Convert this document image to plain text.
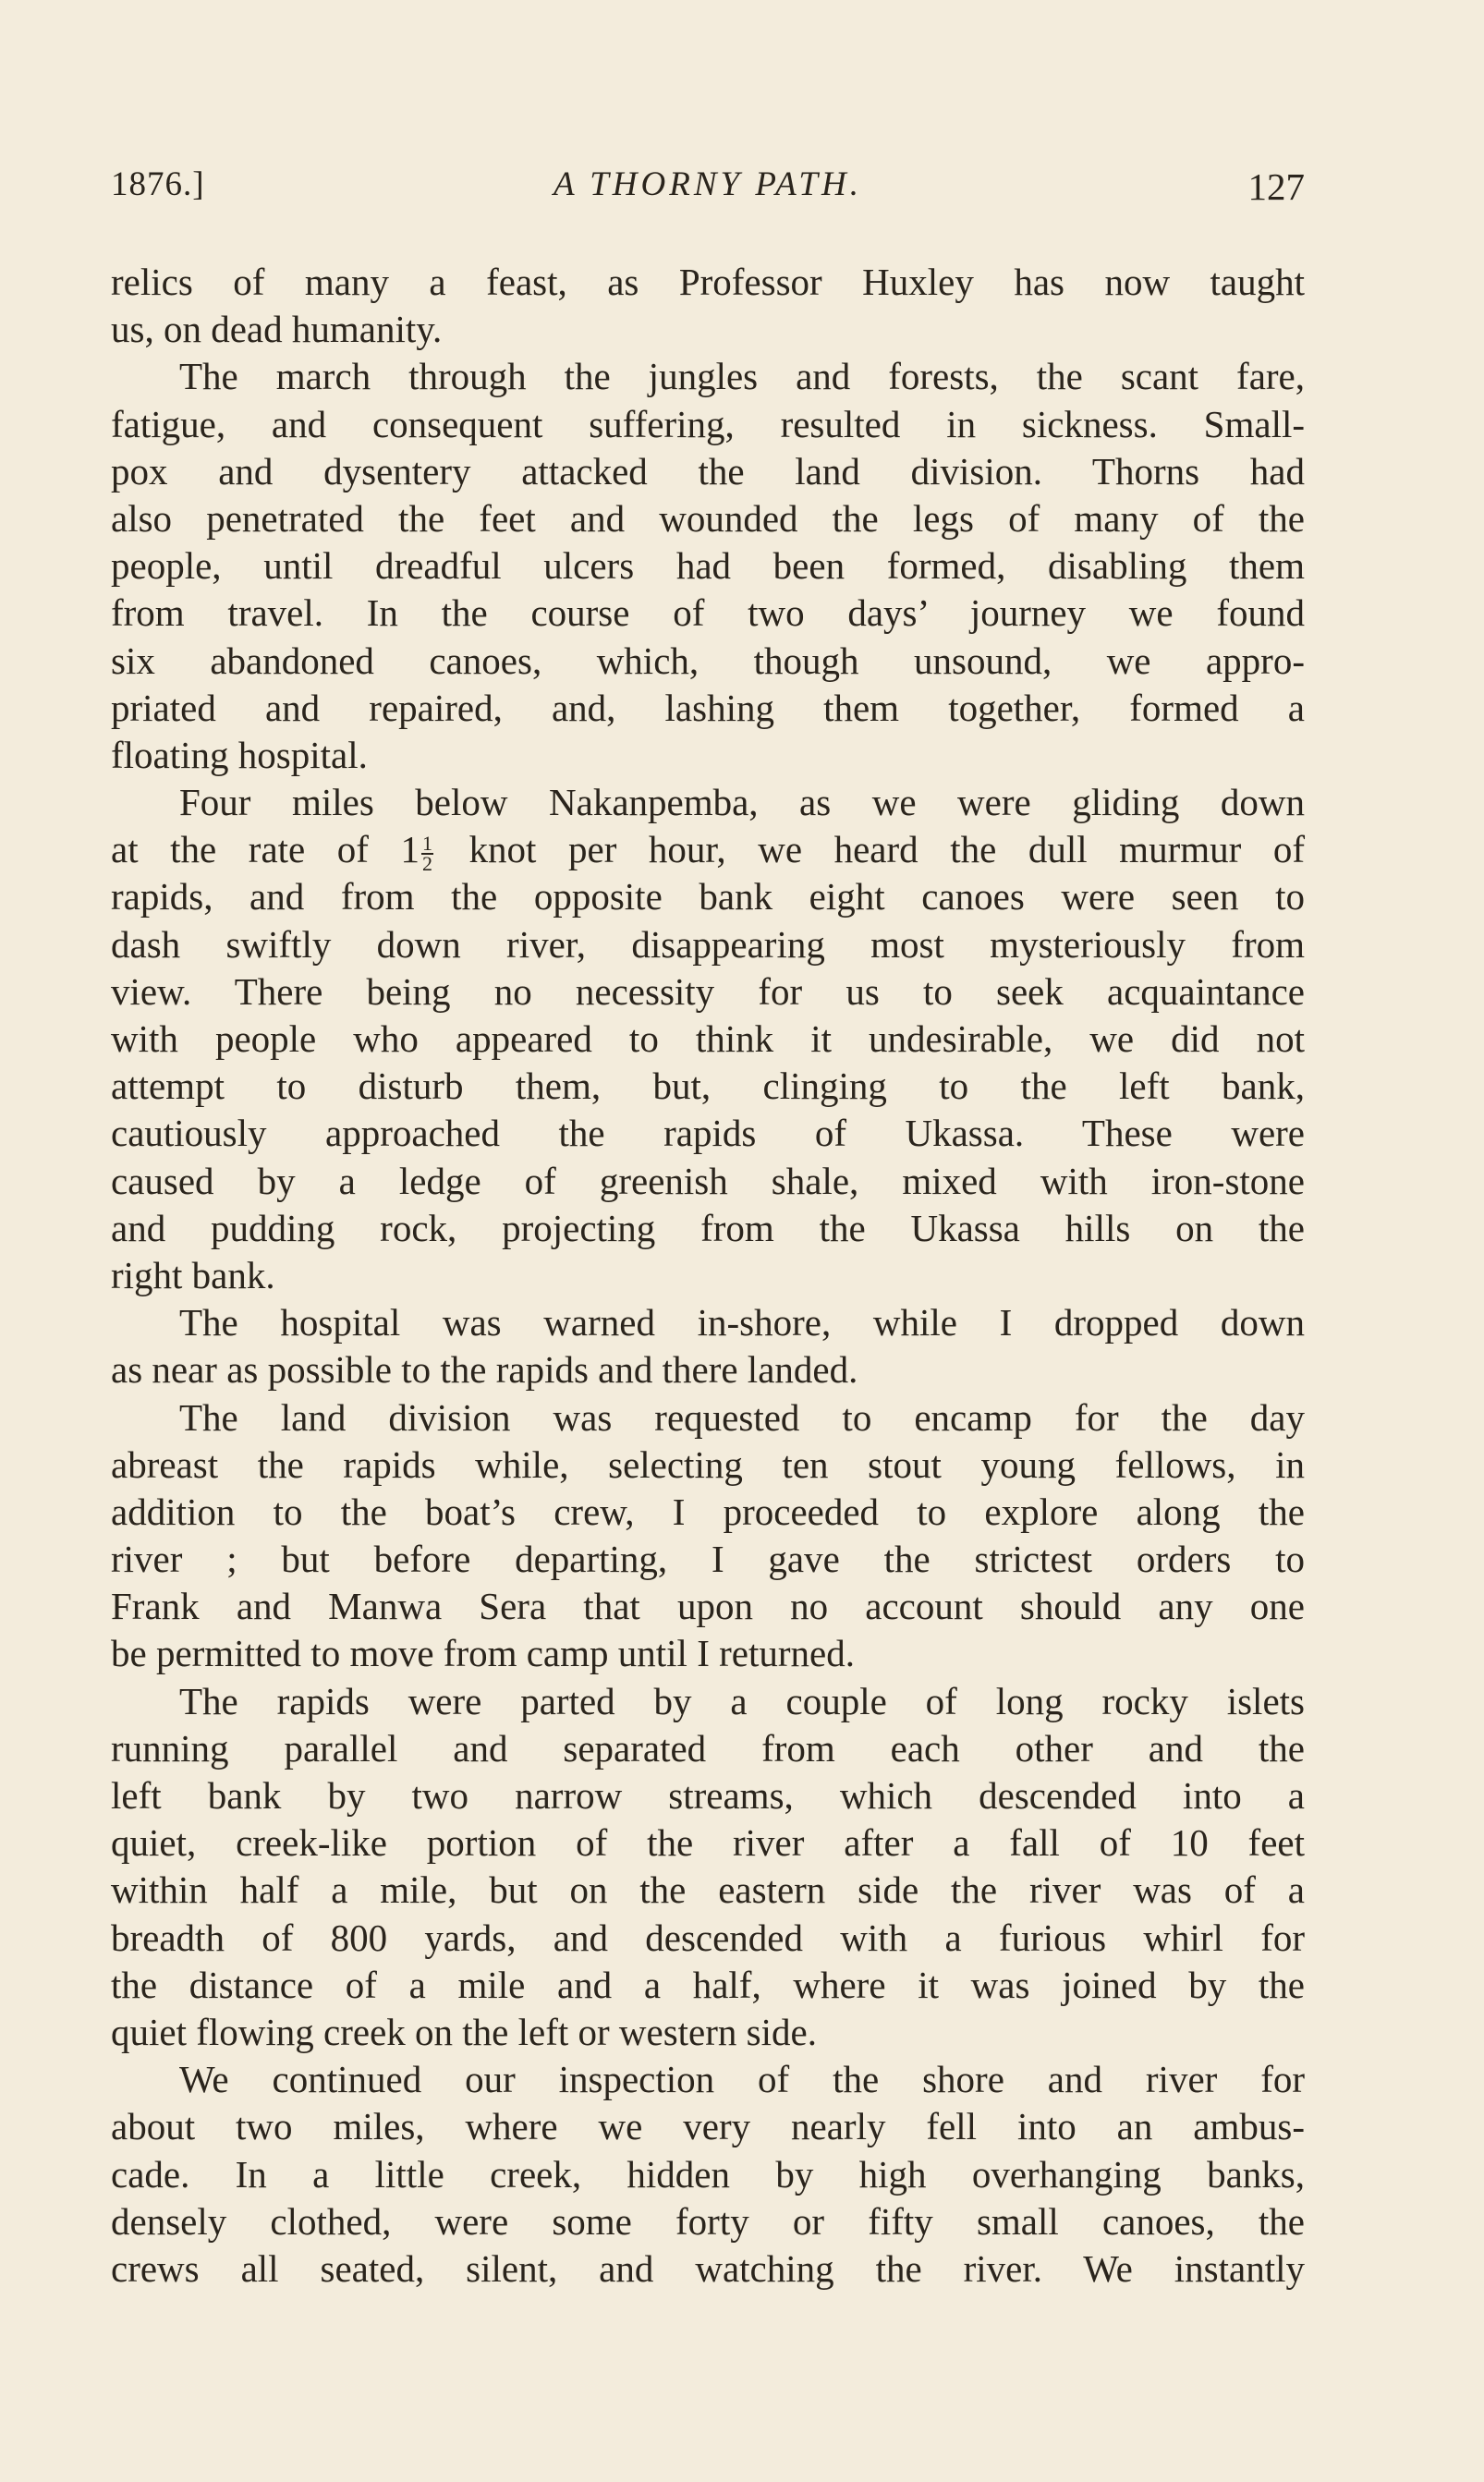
1876.]	A THORNY PATH.	127
relics of many a feast, as Professor Huxley has now taught
us, on dead humanity.
The march through the jungles and forests, the scant fare,
fatigue, and consequent suffering, resulted in sickness. Small-
pox and dysentery attacked the land division. Thorns had
also penetrated the feet and wounded the legs of many of the
people, until dreadful ulcers had been formed, disabling them
from travel. In the course of two days’ journey we found
six abandoned canoes, which, though unsound, we appro-
priated and repaired, and, lashing them together, formed a
floating hospital.
Four miles below Nakanpemba, as we were gliding down
at the rate of $1 \frac{1}{2}$ knot per hour, we heard the dull murmur of
rapids, and from the opposite bank eight canoes were seen to
dash swiftly down river, disappearing most mysteriously from
view. There being no necessity for us to seek acquaintance
with people who appeared to think it undesirable, we did not
attempt to disturb them, but, clinging to the left bank,
cautiously approached the rapids of Ukassa. These were
caused by a ledge of greenish shale, mixed with iron-stone
and pudding rock, projecting from the Ukassa hills on the
right bank.
The hospital was warned in-shore, while I dropped down
as near as possible to the rapids and there landed.
The land division was requested to encamp for the day
abreast the rapids while, selecting ten stout young fellows, in
addition to the boat’s crew, I proceeded to explore along the
river ; but before departing, I gave the strictest orders to
Frank and Manwa Sera that upon no account should any one
be permitted to move from camp until I returned.
The rapids were parted by a couple of long rocky islets
running parallel and separated from each other and the
left bank by two narrow streams, which descended into a
quiet, creek-like portion of the river after a fall of 10 feet
within half a mile, but on the eastern side the river was of a
breadth of 800 yards, and descended with a furious whirl for
the distance of a mile and a half, where it was joined by the
quiet flowing creek on the left or western side.
We continued our inspection of the shore and river for
about two miles, where we very nearly fell into an ambus-
cade. In a little creek, hidden by high overhanging banks,
densely clothed, were some forty or fifty small canoes, the
crews all seated, silent, and watching the river. We instantly
